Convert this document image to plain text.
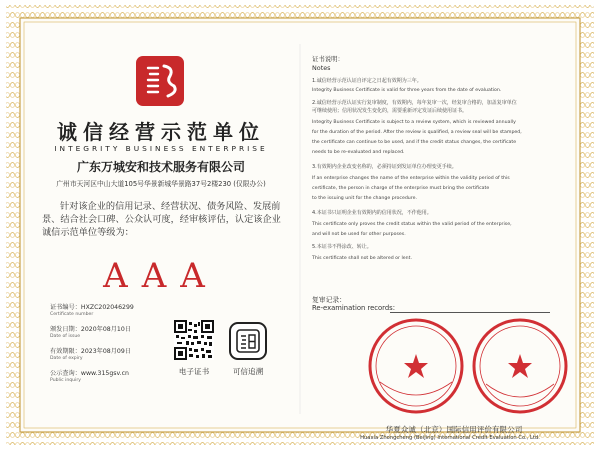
诚信经营示范单位
INTEGRITY BUSINESS ENTERPRISE
广东万城安和技术服务有限公司
广州市天河区中山大道105号华景新城华景路37号2楼230 (仅限办公)
针对该企业的信用记录、经营状况、债务风险、发展前景、结合社会口碑、公众认可度，经审核评估，认定该企业诚信示范单位等级为：
AAA
证书编号：HXZC202046299
Certificate number
颁发日期：2020年08月10日
Date of issue
有效期限：2023年08月09日
Date of expiry
公示查询：www.315gsv.cn
Public inquiry
电子证书	可信追溯
证书说明：
Notes
1.诚信经营示范认证自评定之日起有效期为三年。
Integrity Business Certificate is valid for three years from the date of evaluation.
2.诚信经营示范认证实行复审制度，有效期内，每年复审一次，经复审合格的，加盖复审单位
可继续使用；信用状况发生变化的，需要重新评定发证后续使用证书。
Integrity Business Certificate is subject to a review system, which is reviewed annually
for the duration of the period. After the review is qualified, a review seal will be stamped,
the certificate can continue to be used, and if the credit status changes, the certificate
needs to be re-evaluated and replaced.
3.有效期内企业改变名称的，必须持证到发证单位办理变更手续。
If an enterprise changes the name of the enterprise within the validity period of this
certificate, the person in charge of the enterprise must bring the certificate
to the issuing unit for the change procedure.
4.本证书只证明企业有效期内的信用状况，不作他用。
This certificate only proves the credit status within the valid period of the enterprise,
and will not be used for other purposes.
5.本证书不得涂改、转让。
This certificate shall not be altered or lent.
复审记录：
Re-examination records:
华夏众诚（北京）国际信用评价有限公司
Huaxia Zhongcheng (Beijing) International Credit Evaluation Co., Ltd.
